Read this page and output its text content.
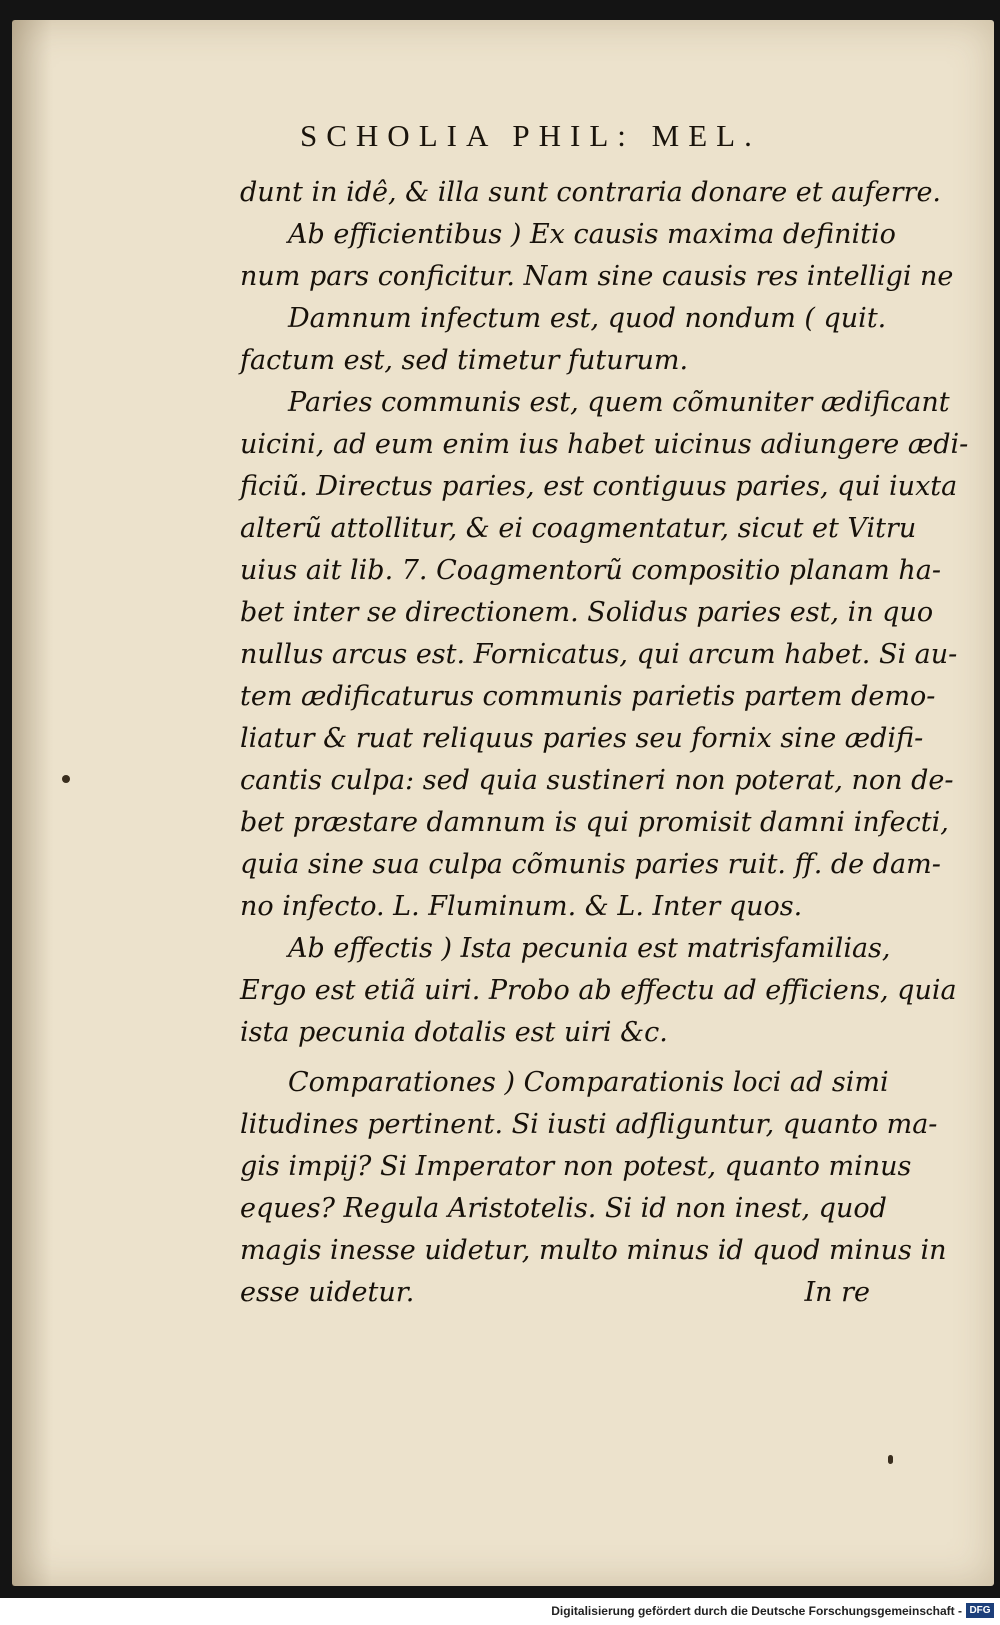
SCHOLIA PHIL: MEL.
dunt in idê, & illa sunt contraria donare et auferre.
Ab efficientibus ) Ex causis maxima definitio
num pars conficitur. Nam sine causis res intelligi ne
Damnum infectum est, quod nondum ( quit.
factum est, sed timetur futurum.
Paries communis est, quem cõmuniter ædificant
uicini, ad eum enim ius habet uicinus adiungere ædi-
ficiũ. Directus paries, est contiguus paries, qui iuxta
alterũ attollitur, & ei coagmentatur, sicut et Vitru
uius ait lib. 7. Coagmentorũ compositio planam ha-
bet inter se directionem. Solidus paries est, in quo
nullus arcus est. Fornicatus, qui arcum habet. Si au-
tem ædificaturus communis parietis partem demo-
liatur & ruat reliquus paries seu fornix sine ædifi-
cantis culpa: sed quia sustineri non poterat, non de-
bet præstare damnum is qui promisit damni infecti,
quia sine sua culpa cõmunis paries ruit. ff. de dam-
no infecto. L. Fluminum. & L. Inter quos.
Ab effectis ) Ista pecunia est matrisfamilias,
Ergo est etiã uiri. Probo ab effectu ad efficiens, quia
ista pecunia dotalis est uiri &c.
Comparationes ) Comparationis loci ad simi
litudines pertinent. Si iusti adfliguntur, quanto ma-
gis impij? Si Imperator non potest, quanto minus
eques? Regula Aristotelis. Si id non inest, quod
magis inesse uidetur, multo minus id quod minus in
esse uidetur.	In re
Digitalisierung gefördert durch die Deutsche Forschungsgemeinschaft - DFG
